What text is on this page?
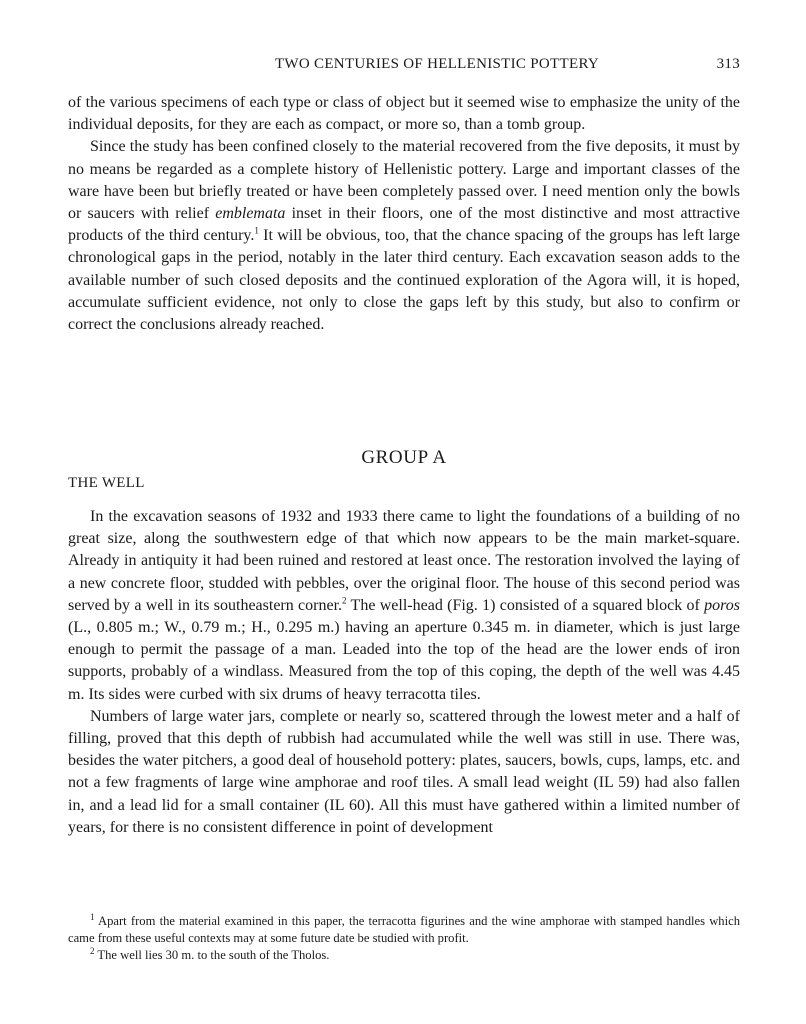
TWO CENTURIES OF HELLENISTIC POTTERY	313

of the various specimens of each type or class of object but it seemed wise to emphasize the unity of the individual deposits, for they are each as compact, or more so, than a tomb group.

Since the study has been confined closely to the material recovered from the five deposits, it must by no means be regarded as a complete history of Hellenistic pottery. Large and important classes of the ware have been but briefly treated or have been completely passed over. I need mention only the bowls or saucers with relief emblemata inset in their floors, one of the most distinctive and most attractive products of the third century.$^1$ It will be obvious, too, that the chance spacing of the groups has left large chronological gaps in the period, notably in the later third century. Each excavation season adds to the available number of such closed deposits and the continued exploration of the Agora will, it is hoped, accumulate sufficient evidence, not only to close the gaps left by this study, but also to confirm or correct the conclusions already reached.

GROUP A
THE WELL

In the excavation seasons of 1932 and 1933 there came to light the foundations of a building of no great size, along the southwestern edge of that which now appears to be the main market-square. Already in antiquity it had been ruined and restored at least once. The restoration involved the laying of a new concrete floor, studded with pebbles, over the original floor. The house of this second period was served by a well in its southeastern corner.$^2$ The well-head (Fig. 1) consisted of a squared block of poros (L., 0.805 m.; W., 0.79 m.; H., 0.295 m.) having an aperture 0.345 m. in diameter, which is just large enough to permit the passage of a man. Leaded into the top of the head are the lower ends of iron supports, probably of a windlass. Measured from the top of this coping, the depth of the well was 4.45 m. Its sides were curbed with six drums of heavy terracotta tiles.

Numbers of large water jars, complete or nearly so, scattered through the lowest meter and a half of filling, proved that this depth of rubbish had accumulated while the well was still in use. There was, besides the water pitchers, a good deal of household pottery: plates, saucers, bowls, cups, lamps, etc. and not a few fragments of large wine amphorae and roof tiles. A small lead weight (IL 59) had also fallen in, and a lead lid for a small container (IL 60). All this must have gathered within a limited number of years, for there is no consistent difference in point of development

$^1$ Apart from the material examined in this paper, the terracotta figurines and the wine amphorae with stamped handles which came from these useful contexts may at some future date be studied with profit.

$^2$ The well lies 30 m. to the south of the Tholos.
